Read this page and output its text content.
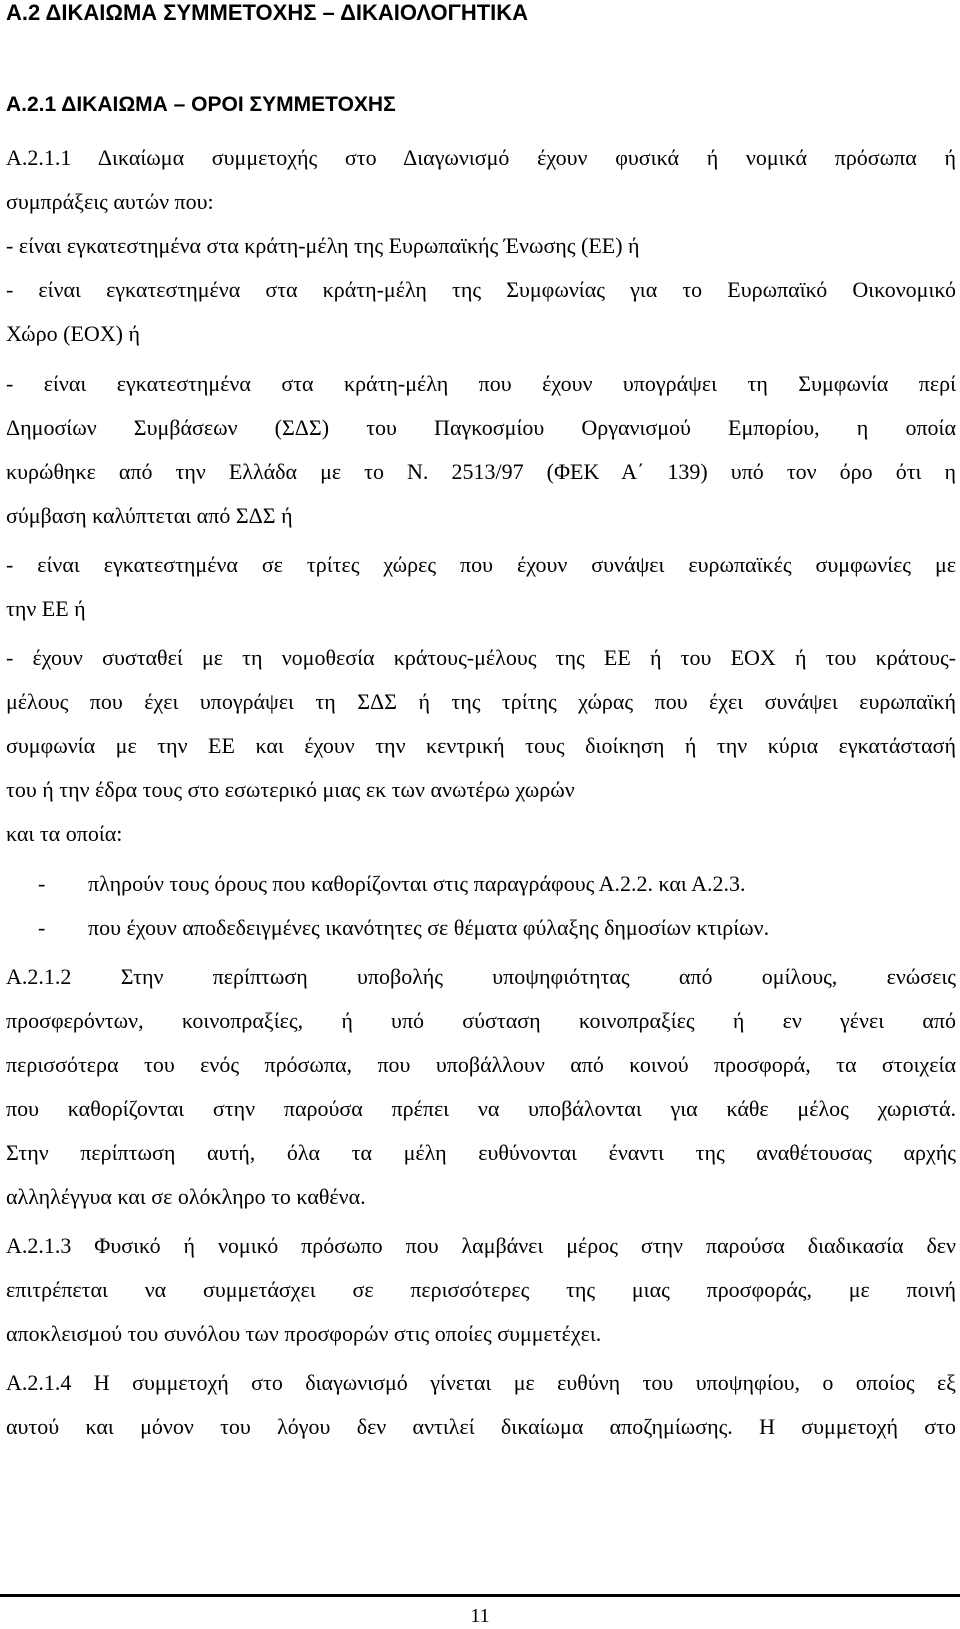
Α.2 ΔΙΚΑΙΩΜΑ ΣΥΜΜΕΤΟΧΗΣ – ΔΙΚΑΙΟΛΟΓΗΤΙΚΑ
Α.2.1 ΔΙΚΑΙΩΜΑ – ΟΡΟΙ ΣΥΜΜΕΤΟΧΗΣ
Α.2.1.1 Δικαίωμα συμμετοχής στο Διαγωνισμό έχουν φυσικά ή νομικά πρόσωπα ή
συμπράξεις αυτών που:
- είναι εγκατεστημένα στα κράτη-μέλη της Ευρωπαϊκής Ένωσης (ΕΕ) ή
- είναι εγκατεστημένα στα κράτη-μέλη της Συμφωνίας για το Ευρωπαϊκό Οικονομικό
Χώρο (ΕΟΧ) ή
- είναι εγκατεστημένα στα κράτη-μέλη που έχουν υπογράψει τη Συμφωνία περί
Δημοσίων Συμβάσεων (ΣΔΣ) του Παγκοσμίου Οργανισμού Εμπορίου, η οποία
κυρώθηκε από την Ελλάδα με το Ν. 2513/97 (ΦΕΚ Α΄ 139) υπό τον όρο ότι η
σύμβαση καλύπτεται από ΣΔΣ ή
- είναι εγκατεστημένα σε τρίτες χώρες που έχουν συνάψει ευρωπαϊκές συμφωνίες με
την ΕΕ ή
- έχουν συσταθεί με τη νομοθεσία κράτους-μέλους της ΕΕ ή του ΕΟΧ ή του κράτους-
μέλους που έχει υπογράψει τη ΣΔΣ ή της τρίτης χώρας που έχει συνάψει ευρωπαϊκή
συμφωνία με την ΕΕ και έχουν την κεντρική τους διοίκηση ή την κύρια εγκατάστασή
του ή την έδρα τους στο εσωτερικό μιας εκ των ανωτέρω χωρών
και τα οποία:
- πληρούν τους όρους που καθορίζονται στις παραγράφους Α.2.2. και Α.2.3.
- που έχουν αποδεδειγμένες ικανότητες σε θέματα φύλαξης δημοσίων κτιρίων.
Α.2.1.2 Στην περίπτωση υποβολής υποψηφιότητας από ομίλους, ενώσεις
προσφερόντων, κοινοπραξίες, ή υπό σύσταση κοινοπραξίες ή εν γένει από
περισσότερα του ενός πρόσωπα, που υποβάλλουν από κοινού προσφορά, τα στοιχεία
που καθορίζονται στην παρούσα πρέπει να υποβάλονται για κάθε μέλος χωριστά.
Στην περίπτωση αυτή, όλα τα μέλη ευθύνονται έναντι της αναθέτουσας αρχής
αλληλέγγυα και σε ολόκληρο το καθένα.
Α.2.1.3 Φυσικό ή νομικό πρόσωπο που λαμβάνει μέρος στην παρούσα διαδικασία δεν
επιτρέπεται να συμμετάσχει σε περισσότερες της μιας προσφοράς, με ποινή
αποκλεισμού του συνόλου των προσφορών στις οποίες συμμετέχει.
Α.2.1.4 Η συμμετοχή στο διαγωνισμό γίνεται με ευθύνη του υποψηφίου, ο οποίος εξ
αυτού και μόνον του λόγου δεν αντιλεί δικαίωμα αποζημίωσης. Η συμμετοχή στο
11
